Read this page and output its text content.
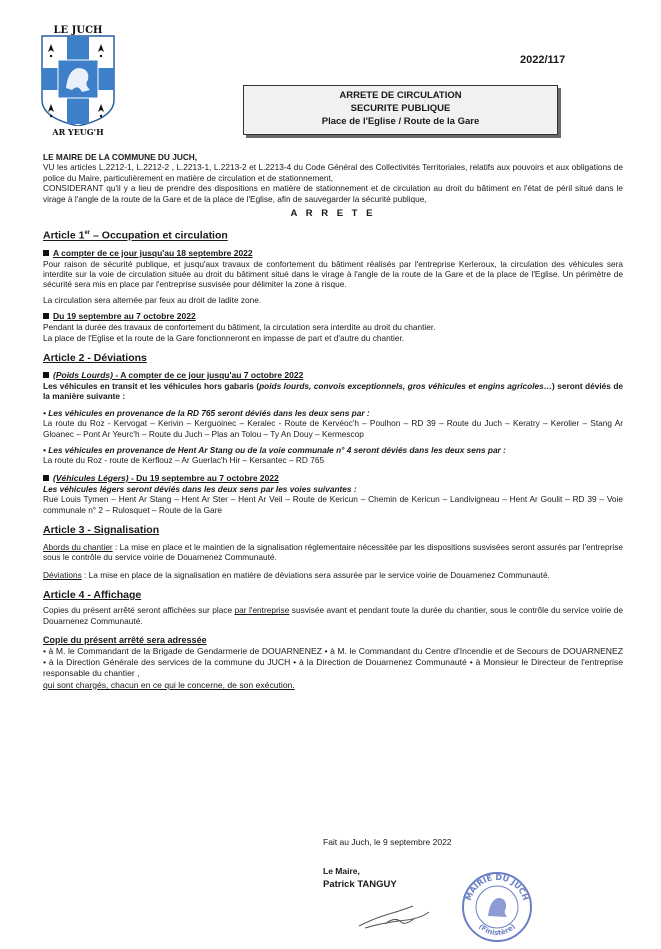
LE JUCH
AR YEUG'H
2022/117
ARRETE DE CIRCULATION
SECURITE PUBLIQUE
Place de l'Eglise / Route de la Gare

LE MAIRE DE LA COMMUNE DU JUCH,

VU les articles L.2212-1, L.2212-2 , L.2213-1, L.2213-2 et L.2213-4 du Code Général des Collectivités Territoriales, relatifs aux pouvoirs et aux obligations de police du Maire, particulièrement en matière de circulation et de stationnement,

CONSIDERANT qu'il y a lieu de prendre des dispositions en matière de stationnement et de circulation au droit du bâtiment en l'état de péril situé dans le virage à l'angle de la route de la Gare et de la place de l'Eglise, afin de sauvegarder la sécurité publique,

A R R E T E

Article 1er – Occupation et circulation

A compter de ce jour jusqu'au 18 septembre 2022

Pour raison de sécurité publique, et jusqu'aux travaux de confortement du bâtiment réalisés par l'entreprise Kerleroux, la circulation des véhicules sera interdite sur la voie de circulation située au droit du bâtiment situé dans le virage à l'angle de la route de la Gare et de la place de l'Eglise. Un périmètre de sécurité sera mis en place par l'entreprise susvisée pour délimiter la zone à risque.

La circulation sera alternée par feux au droit de ladite zone.

Du 19 septembre au 7 octobre 2022

Pendant la durée des travaux de confortement du bâtiment, la circulation sera interdite au droit du chantier.

La place de l'Eglise et la route de la Gare fonctionneront en impasse de part et d'autre du chantier.

Article 2 - Déviations

(Poids Lourds) - A compter de ce jour jusqu'au 7 octobre 2022

Les véhicules en transit et les véhicules hors gabaris (poids lourds, convois exceptionnels, gros véhicules et engins agricoles…) seront déviés de la manière suivante :

• Les véhicules en provenance de la RD 765 seront déviés dans les deux sens par :

La route du Roz - Kervogat – Kerivin – Kerguoinec – Keralec - Route de Kervéoc'h – Poulhon – RD 39 – Route du Juch – Keratry – Kerolier – Stang Ar Gloanec – Pont Ar Yeurc'h – Route du Juch – Plas an Tolou – Ty An Douy – Kermescop

• Les véhicules en provenance de Hent Ar Stang ou de la voie communale n° 4 seront déviés dans les deux sens par :

La route du Roz - route de Kerflouz – Ar Guerlac'h Hir – Kersantec – RD 765

(Véhicules Légers) - Du 19 septembre au 7 octobre 2022

Les véhicules légers seront déviés dans les deux sens par les voies suivantes :

Rue Louis Tymen – Hent Ar Stang – Hent Ar Ster – Hent Ar Veil – Route de Kericun – Chemin de Kericun – Landivigneau – Hent Ar Goulit – RD 39 – Voie communale n° 2 – Rulosquet – Route de la Gare

Article 3 - Signalisation

Abords du chantier : La mise en place et le maintien de la signalisation réglementaire nécessitée par les dispositions susvisées seront assurés par l'entreprise sous le contrôle du service voirie de Douarnenez Communauté.

Déviations : La mise en place de la signalisation en matière de déviations sera assurée par le service voirie de Douarnenez Communauté.

Article 4 - Affichage

Copies du présent arrêté seront affichées sur place par l'entreprise susvisée avant et pendant toute la durée du chantier, sous le contrôle du service voirie de Douarnenez Communauté.

Copie du présent arrêté sera adressée

• à M. le Commandant de la Brigade de Gendarmerie de DOUARNENEZ • à M. le Commandant du Centre d'Incendie et de Secours de DOUARNENEZ • à la Direction Générale des services de la commune du JUCH • à la Direction de Douarnenez Communauté • à Monsieur le Directeur de l'entreprise responsable du chantier ,

qui sont chargés, chacun en ce qui le concerne, de son exécution.

Fait au Juch, le 9 septembre 2022
Le Maire,
Patrick TANGUY
MAIRIE DU JUCH
(Finistère)
